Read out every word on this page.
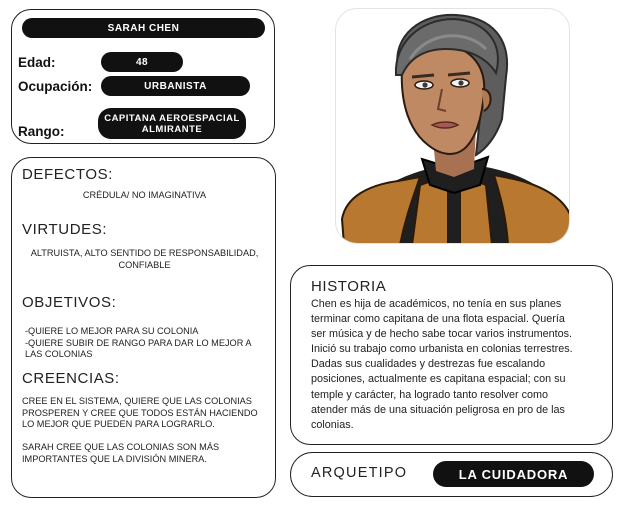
SARAH CHEN
Edad:	48
Ocupación:	URBANISTA
Rango:
CAPITANA AEROESPACIAL
ALMIRANTE
DEFECTOS:
CRÉDULA/ NO IMAGINATIVA
VIRTUDES:
ALTRUISTA, ALTO SENTIDO DE RESPONSABILIDAD,
CONFIABLE
OBJETIVOS:
-QUIERE LO MEJOR PARA SU COLONIA
-QUIERE SUBIR DE RANGO PARA DAR LO MEJOR A
LAS COLONIAS
CREENCIAS:
CREE EN EL SISTEMA, QUIERE QUE LAS COLONIAS
PROSPEREN Y CREE QUE TODOS ESTÁN HACIENDO
LO MEJOR QUE PUEDEN PARA LOGRARLO.

SARAH CREE QUE LAS COLONIAS SON MÁS
IMPORTANTES QUE LA DIVISIÓN MINERA.
HISTORIA
Chen es hija de académicos, no tenía en sus planes
terminar como capitana de una flota espacial. Quería
ser música y de hecho sabe tocar varios instrumentos.
Inició su trabajo como urbanista en colonias terrestres.
Dadas sus cualidades y destrezas fue escalando
posiciones, actualmente es capitana espacial; con su
temple y carácter, ha logrado tanto resolver como
atender más de una situación peligrosa en pro de las
colonias.
ARQUETIPO	LA CUIDADORA
